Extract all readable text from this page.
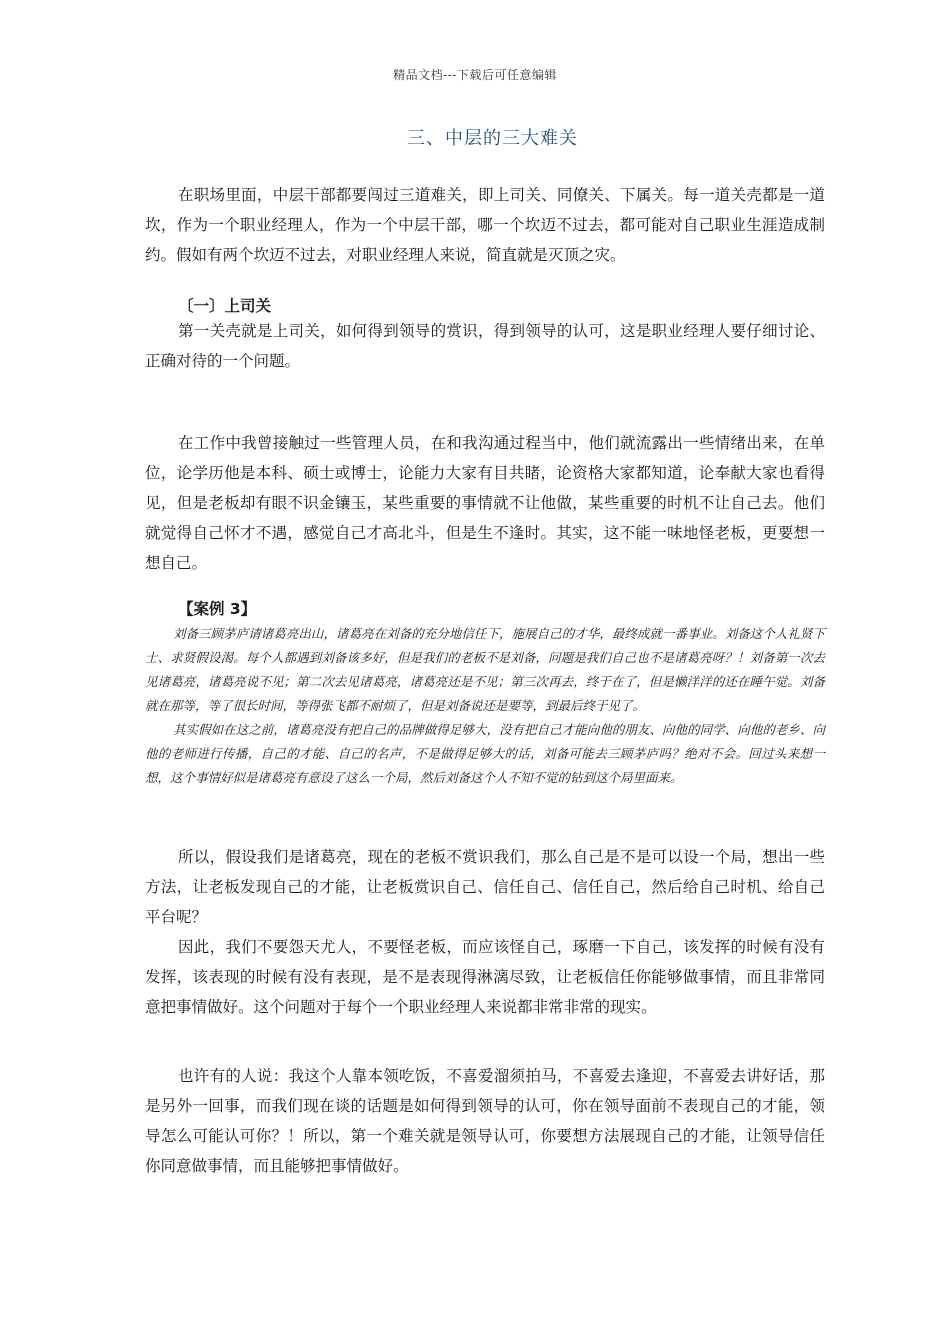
精品文档---下载后可任意编辑
三、中层的三大难关

在职场里面，中层干部都要闯过三道难关，即上司关、同僚关、下属关。每一道关壳都是一道坎，作为一个职业经理人，作为一个中层干部，哪一个坎迈不过去，都可能对自己职业生涯造成制约。假如有两个坎迈不过去，对职业经理人来说，简直就是灭顶之灾。

〔一〕上司关

第一关壳就是上司关，如何得到领导的赏识，得到领导的认可，这是职业经理人要仔细讨论、正确对待的一个问题。

在工作中我曾接触过一些管理人员，在和我沟通过程当中，他们就流露出一些情绪出来，在单位，论学历他是本科、硕士或博士，论能力大家有目共睹，论资格大家都知道，论奉献大家也看得见，但是老板却有眼不识金镶玉，某些重要的事情就不让他做，某些重要的时机不让自己去。他们就觉得自己怀才不遇，感觉自己才高北斗，但是生不逢时。其实，这不能一味地怪老板，更要想一想自己。

【案例 3】

刘备三顾茅庐请诸葛亮出山，诸葛亮在刘备的充分地信任下，施展自己的才华，最终成就一番事业。刘备这个人礼贤下士、求贤假设渴。每个人都遇到刘备该多好，但是我们的老板不是刘备，问题是我们自己也不是诸葛亮呀？！刘备第一次去见诸葛亮，诸葛亮说不见；第二次去见诸葛亮，诸葛亮还是不见；第三次再去，终于在了，但是懒洋洋的还在睡午觉。刘备就在那等，等了很长时间，等得张飞都不耐烦了，但是刘备说还是要等，到最后终于见了。

其实假如在这之前，诸葛亮没有把自己的品牌做得足够大，没有把自己才能向他的朋友、向他的同学、向他的老乡、向他的老师进行传播，自己的才能、自己的名声，不是做得足够大的话，刘备可能去三顾茅庐吗？绝对不会。回过头来想一想，这个事情好似是诸葛亮有意设了这么一个局，然后刘备这个人不知不觉的钻到这个局里面来。

所以，假设我们是诸葛亮，现在的老板不赏识我们，那么自己是不是可以设一个局，想出一些方法，让老板发现自己的才能，让老板赏识自己、信任自己、信任自己，然后给自己时机、给自己平台呢？

因此，我们不要怨天尤人，不要怪老板，而应该怪自己，琢磨一下自己，该发挥的时候有没有发挥，该表现的时候有没有表现，是不是表现得淋漓尽致，让老板信任你能够做事情，而且非常同意把事情做好。这个问题对于每个一个职业经理人来说都非常非常的现实。

也许有的人说：我这个人靠本领吃饭，不喜爱溜须拍马，不喜爱去逢迎，不喜爱去讲好话，那是另外一回事，而我们现在谈的话题是如何得到领导的认可，你在领导面前不表现自己的才能，领导怎么可能认可你？！所以，第一个难关就是领导认可，你要想方法展现自己的才能，让领导信任你同意做事情，而且能够把事情做好。
